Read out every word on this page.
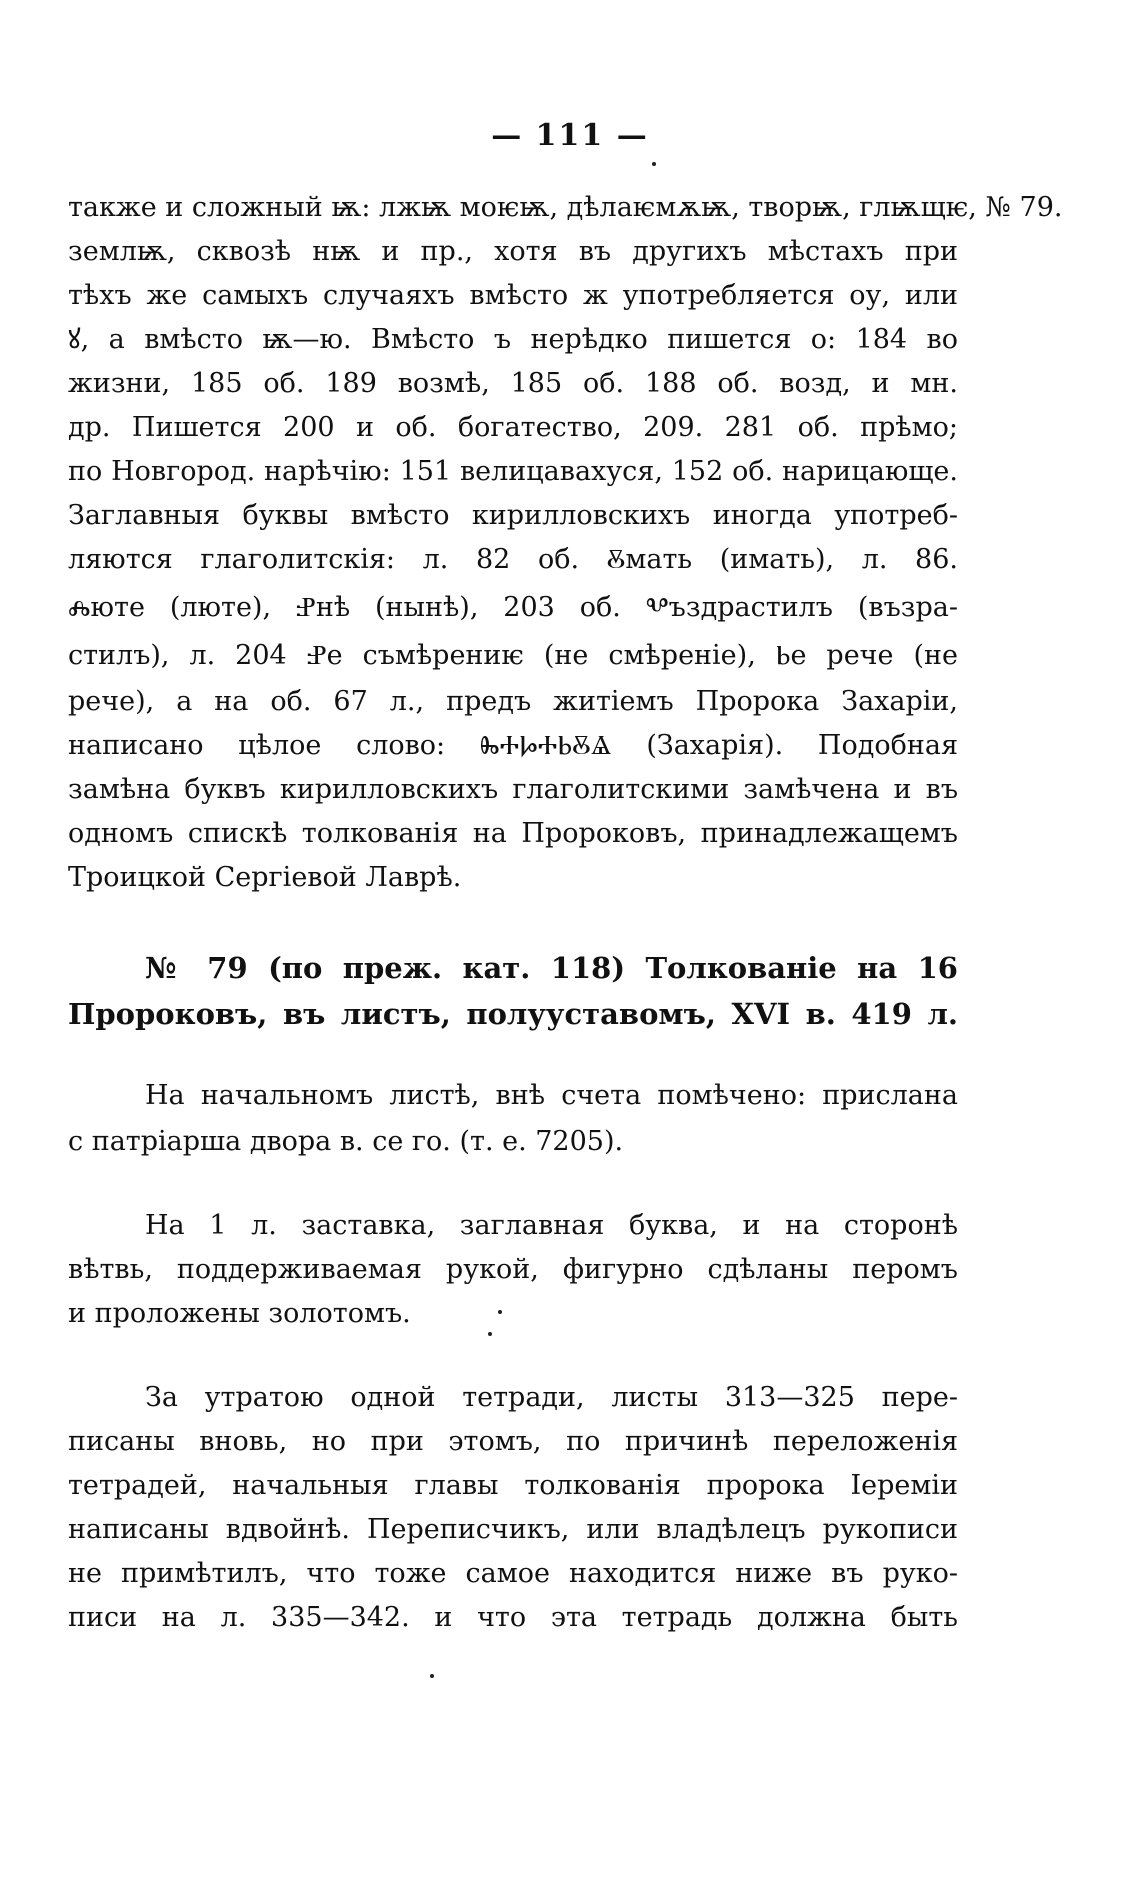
— 111 —
также и сложный ѭ: лжѭ моѥѭ, дѣлаѥмѫѭ, творѭ, глѭщѥ, № 79.
землѭ, сквозѣ нѭ и пр., хотя въ другихъ мѣстахъ при
тѣхъ же самыхъ случаяхъ вмѣсто ж употребляется оу, или
ꙋ, а вмѣсто ѭ—ю. Вмѣсто ъ нерѣдко пишется о: 184 во
жизни, 185 об. 189 возмѣ, 185 об. 188 об. возд, и мн.
др. Пишется 200 и об. богатество, 209. 281 об. прѣмо;
по Новгород. нарѣчію: 151 велицавахуся, 152 об. нарицающе.
Заглавныя буквы вмѣсто кирилловскихъ иногда употреб-
ляются глаголитскія: л. 82 об. Ⰻмать (имать), л. 86.
Ⰾюте (люте), Ⱀнѣ (нынѣ), 203 об. Ⰲъздрастилъ (възра-
стилъ), л. 204 Ⱀе съмѣрениѥ (не смѣреніе), Ⱃе рече (не
рече), а на об. 67 л., предъ житіемъ Пророка Захаріи,
написано цѣлое слово: ⰈⰀⰘⰀⰓⰋⰡ (Захарія). Подобная
замѣна буквъ кирилловскихъ глаголитскими замѣчена и въ
одномъ спискѣ толкованія на Пророковъ, принадлежащемъ
Троицкой Сергіевой Лаврѣ.
№ 79 (по преж. кат. 118) Толкованіе на 16
Пророковъ, въ листъ, полууставомъ, XVI в. 419 л.
На начальномъ листѣ, внѣ счета помѣчено: прислана
с патріарша двора в. се го. (т. е. 7205).
На 1 л. заставка, заглавная буква, и на сторонѣ
вѣтвь, поддерживаемая рукой, фигурно сдѣланы перомъ
и проложены золотомъ.
За утратою одной тетради, листы 313—325 пере-
писаны вновь, но при этомъ, по причинѣ переложенія
тетрадей, начальныя главы толкованія пророка Іереміи
написаны вдвойнѣ. Переписчикъ, или владѣлецъ рукописи
не примѣтилъ, что тоже самое находится ниже въ руко-
писи на л. 335—342. и что эта тетрадь должна быть
